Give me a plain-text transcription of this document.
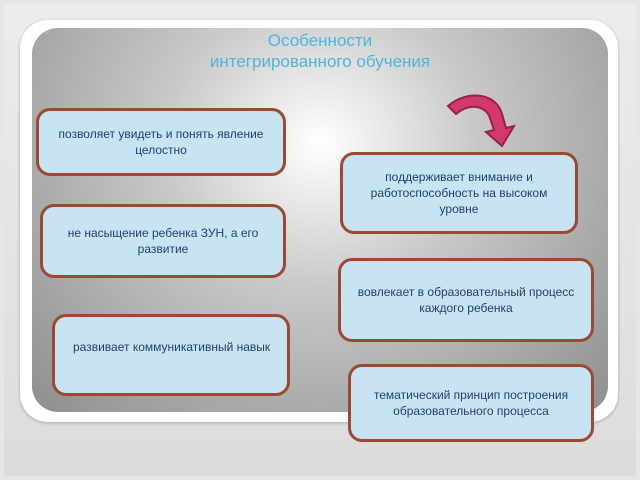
Особенности
интегрированного обучения
позволяет увидеть и понять явление целостно
не насыщение ребенка ЗУН, а его развитие
развивает коммуникативный навык
поддерживает внимание и работоспособность на высоком уровне
вовлекает в образовательный процесс каждого ребенка
тематический принцип построения образовательного процесса
